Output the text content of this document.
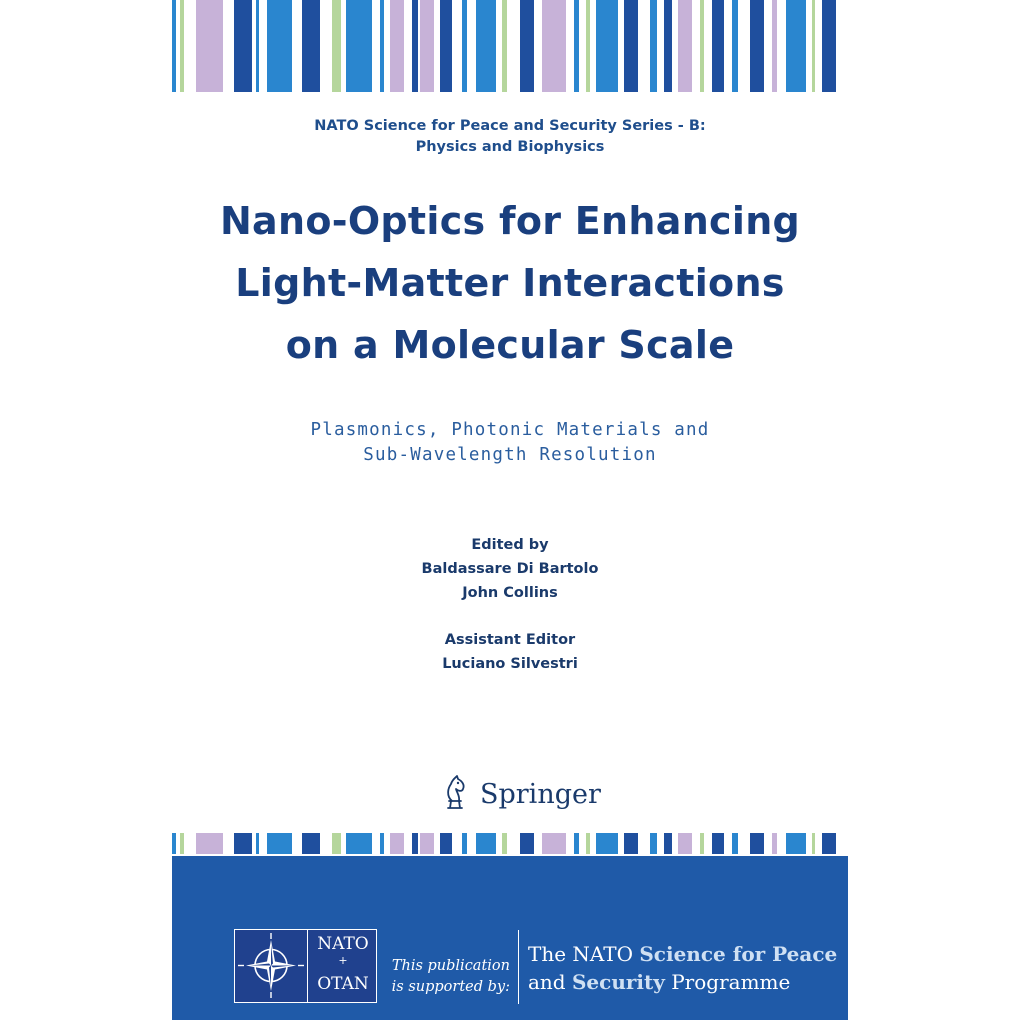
NATO Science for Peace and Security Series - B:
Physics and Biophysics
Nano-Optics for Enhancing
Light-Matter Interactions
on a Molecular Scale
Plasmonics, Photonic Materials and
Sub-Wavelength Resolution
Edited by
Baldassare Di Bartolo
John Collins
Assistant Editor
Luciano Silvestri
Springer
NATO
+
OTAN
This publication
is supported by:
The NATO Science for Peace
and Security Programme
